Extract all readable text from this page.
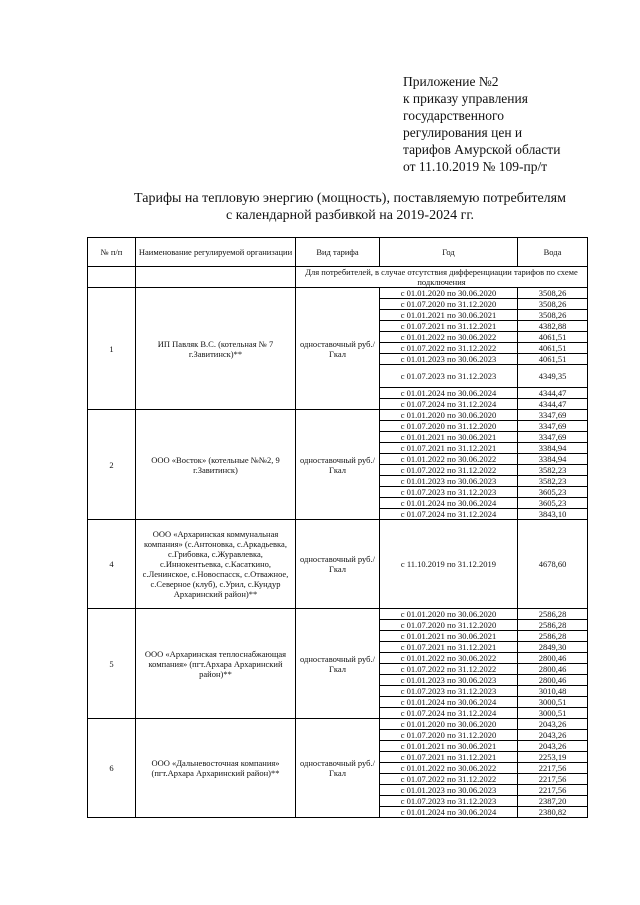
Приложение №2
к приказу управления
государственного
регулирования цен и
тарифов Амурской области
от 11.10.2019 № 109-пр/т
Тарифы на тепловую энергию (мощность), поставляемую потребителям
с календарной разбивкой на 2019-2024 гг.
№ п/п	Наименование регулируемой организации	Вид тарифа	Год	Вода
		Для потребителей, в случае отсутствия дифференциации тарифов по схеме подключения		
1	ИП Павляк В.С. (котельная № 7 г.Завитинск)**	одноставочный руб./Гкал	с 01.01.2020 по 30.06.2020	3508,26
			с 01.07.2020 по 31.12.2020	3508,26
			с 01.01.2021 по 30.06.2021	3508,26
			с 01.07.2021 по 31.12.2021	4382,88
			с 01.01.2022 по 30.06.2022	4061,51
			с 01.07.2022 по 31.12.2022	4061,51
			с 01.01.2023 по 30.06.2023	4061,51
			с 01.07.2023 по 31.12.2023	4349,35
			с 01.01.2024 по 30.06.2024	4344,47
			с 01.07.2024 по 31.12.2024	4344,47
2	ООО «Восток» (котельные №№2, 9 г.Завитинск)	одноставочный руб./Гкал	с 01.01.2020 по 30.06.2020	3347,69
			с 01.07.2020 по 31.12.2020	3347,69
			с 01.01.2021 по 30.06.2021	3347,69
			с 01.07.2021 по 31.12.2021	3384,94
			с 01.01.2022 по 30.06.2022	3384,94
			с 01.07.2022 по 31.12.2022	3582,23
			с 01.01.2023 по 30.06.2023	3582,23
			с 01.07.2023 по 31.12.2023	3605,23
			с 01.01.2024 по 30.06.2024	3605,23
			с 01.07.2024 по 31.12.2024	3843,10
4	ООО «Архаринская коммунальная компания» (с.Антоновка, с.Аркадьевка, с.Грибовка, с.Журавлевка, с.Иннокентьевка, с.Касаткино, с.Ленинское, с.Новоспасск, с.Отважное, с.Северное (клуб), с.Урил, с.Кундур Архаринский район)**	одноставочный руб./Гкал	с 11.10.2019 по 31.12.2019	4678,60
5	ООО «Архаринская теплоснабжающая компания» (пгт.Архара Архаринский район)**	одноставочный руб./Гкал	с 01.01.2020 по 30.06.2020	2586,28
			с 01.07.2020 по 31.12.2020	2586,28
			с 01.01.2021 по 30.06.2021	2586,28
			с 01.07.2021 по 31.12.2021	2849,30
			с 01.01.2022 по 30.06.2022	2800,46
			с 01.07.2022 по 31.12.2022	2800,46
			с 01.01.2023 по 30.06.2023	2800,46
			с 01.07.2023 по 31.12.2023	3010,48
			с 01.01.2024 по 30.06.2024	3000,51
			с 01.07.2024 по 31.12.2024	3000,51
6	ООО «Дальневосточная компания» (пгт.Архара Архаринский район)**	одноставочный руб./Гкал	с 01.01.2020 по 30.06.2020	2043,26
			с 01.07.2020 по 31.12.2020	2043,26
			с 01.01.2021 по 30.06.2021	2043,26
			с 01.07.2021 по 31.12.2021	2253,19
			с 01.01.2022 по 30.06.2022	2217,56
			с 01.07.2022 по 31.12.2022	2217,56
			с 01.01.2023 по 30.06.2023	2217,56
			с 01.07.2023 по 31.12.2023	2387,20
			с 01.01.2024 по 30.06.2024	2380,82
